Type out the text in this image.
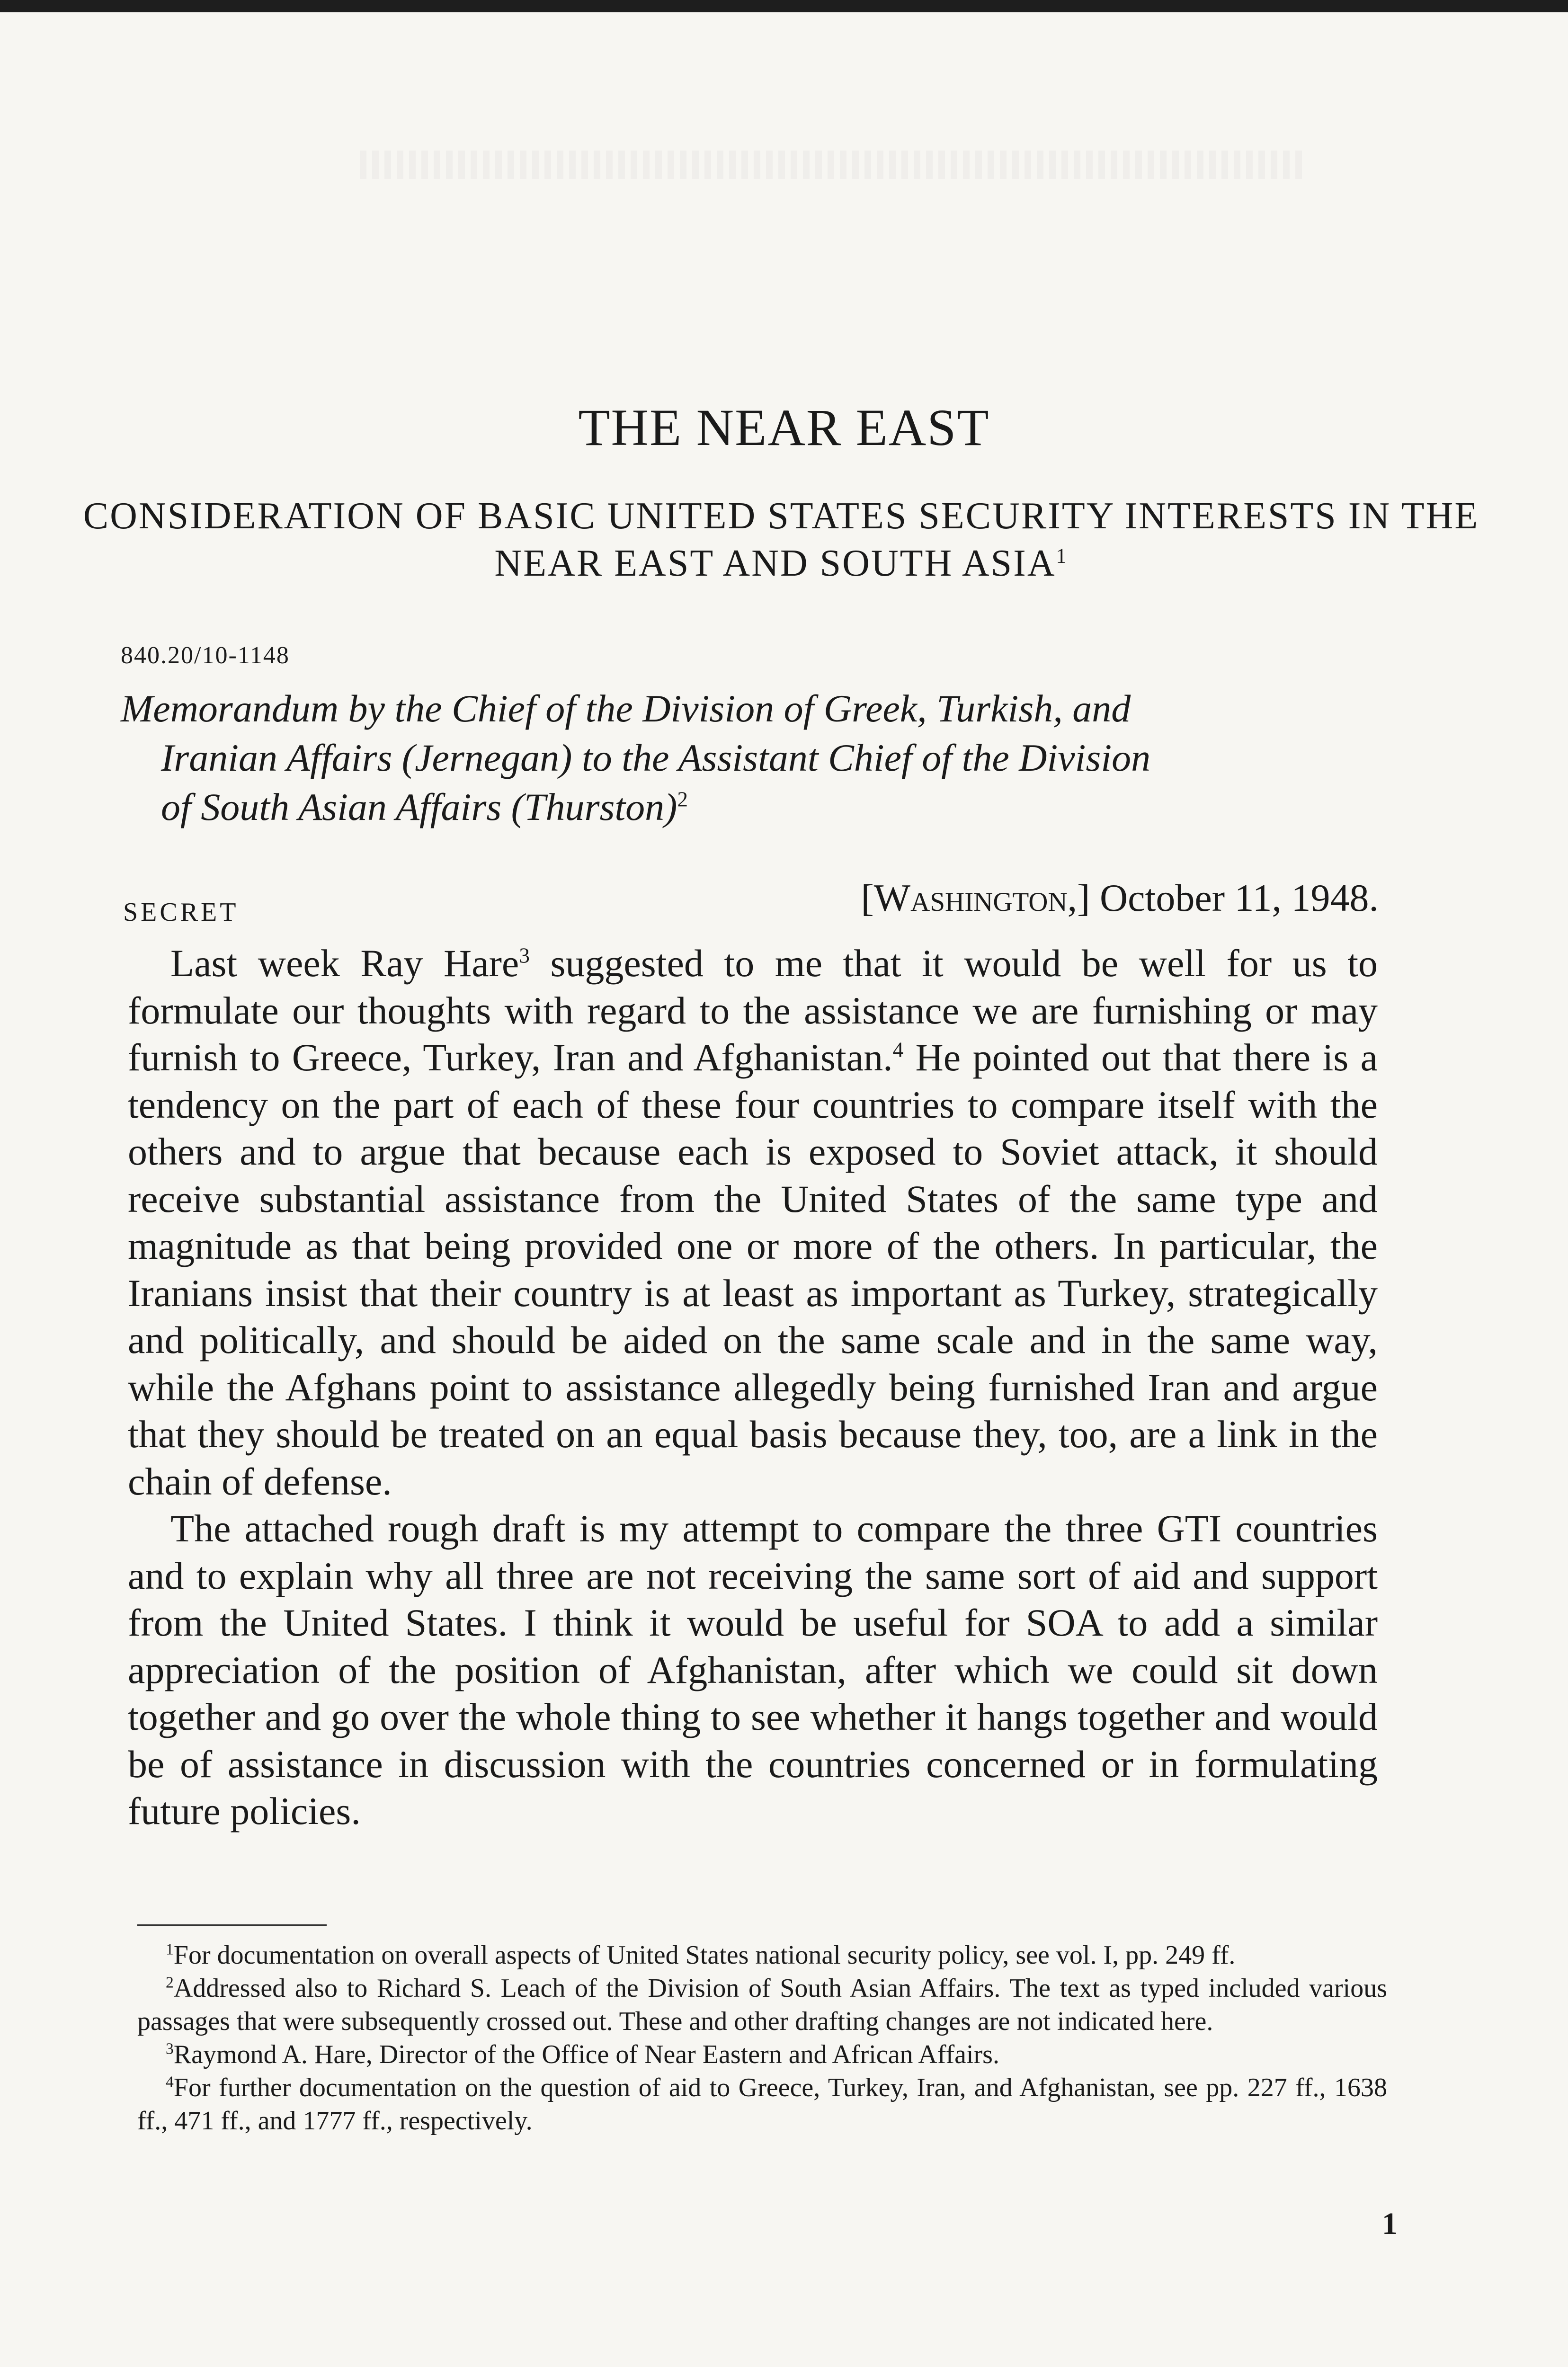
THE NEAR EAST
CONSIDERATION OF BASIC UNITED STATES SECURITY INTERESTS IN THE NEAR EAST AND SOUTH ASIA$^1$
840.20/10-1148
Memorandum by the Chief of the Division of Greek, Turkish, and
Iranian Affairs (Jernegan) to the Assistant Chief of the Division
of South Asian Affairs (Thurston)$^2$
SECRET	[Washington,] October 11, 1948.

Last week Ray Hare$^3$ suggested to me that it would be well for us to formulate our thoughts with regard to the assistance we are furnishing or may furnish to Greece, Turkey, Iran and Afghanistan.$^4$ He pointed out that there is a tendency on the part of each of these four countries to compare itself with the others and to argue that because each is exposed to Soviet attack, it should receive substantial assistance from the United States of the same type and magnitude as that being provided one or more of the others. In particular, the Iranians insist that their country is at least as important as Turkey, strategically and politically, and should be aided on the same scale and in the same way, while the Afghans point to assistance allegedly being furnished Iran and argue that they should be treated on an equal basis because they, too, are a link in the chain of defense.

The attached rough draft is my attempt to compare the three GTI countries and to explain why all three are not receiving the same sort of aid and support from the United States. I think it would be useful for SOA to add a similar appreciation of the position of Afghanistan, after which we could sit down together and go over the whole thing to see whether it hangs together and would be of assistance in discussion with the countries concerned or in formulating future policies.

$^1$For documentation on overall aspects of United States national security policy, see vol. I, pp. 249 ff.

$^2$Addressed also to Richard S. Leach of the Division of South Asian Affairs. The text as typed included various passages that were subsequently crossed out. These and other drafting changes are not indicated here.

$^3$Raymond A. Hare, Director of the Office of Near Eastern and African Affairs.

$^4$For further documentation on the question of aid to Greece, Turkey, Iran, and Afghanistan, see pp. 227 ff., 1638 ff., 471 ff., and 1777 ff., respectively.

1
